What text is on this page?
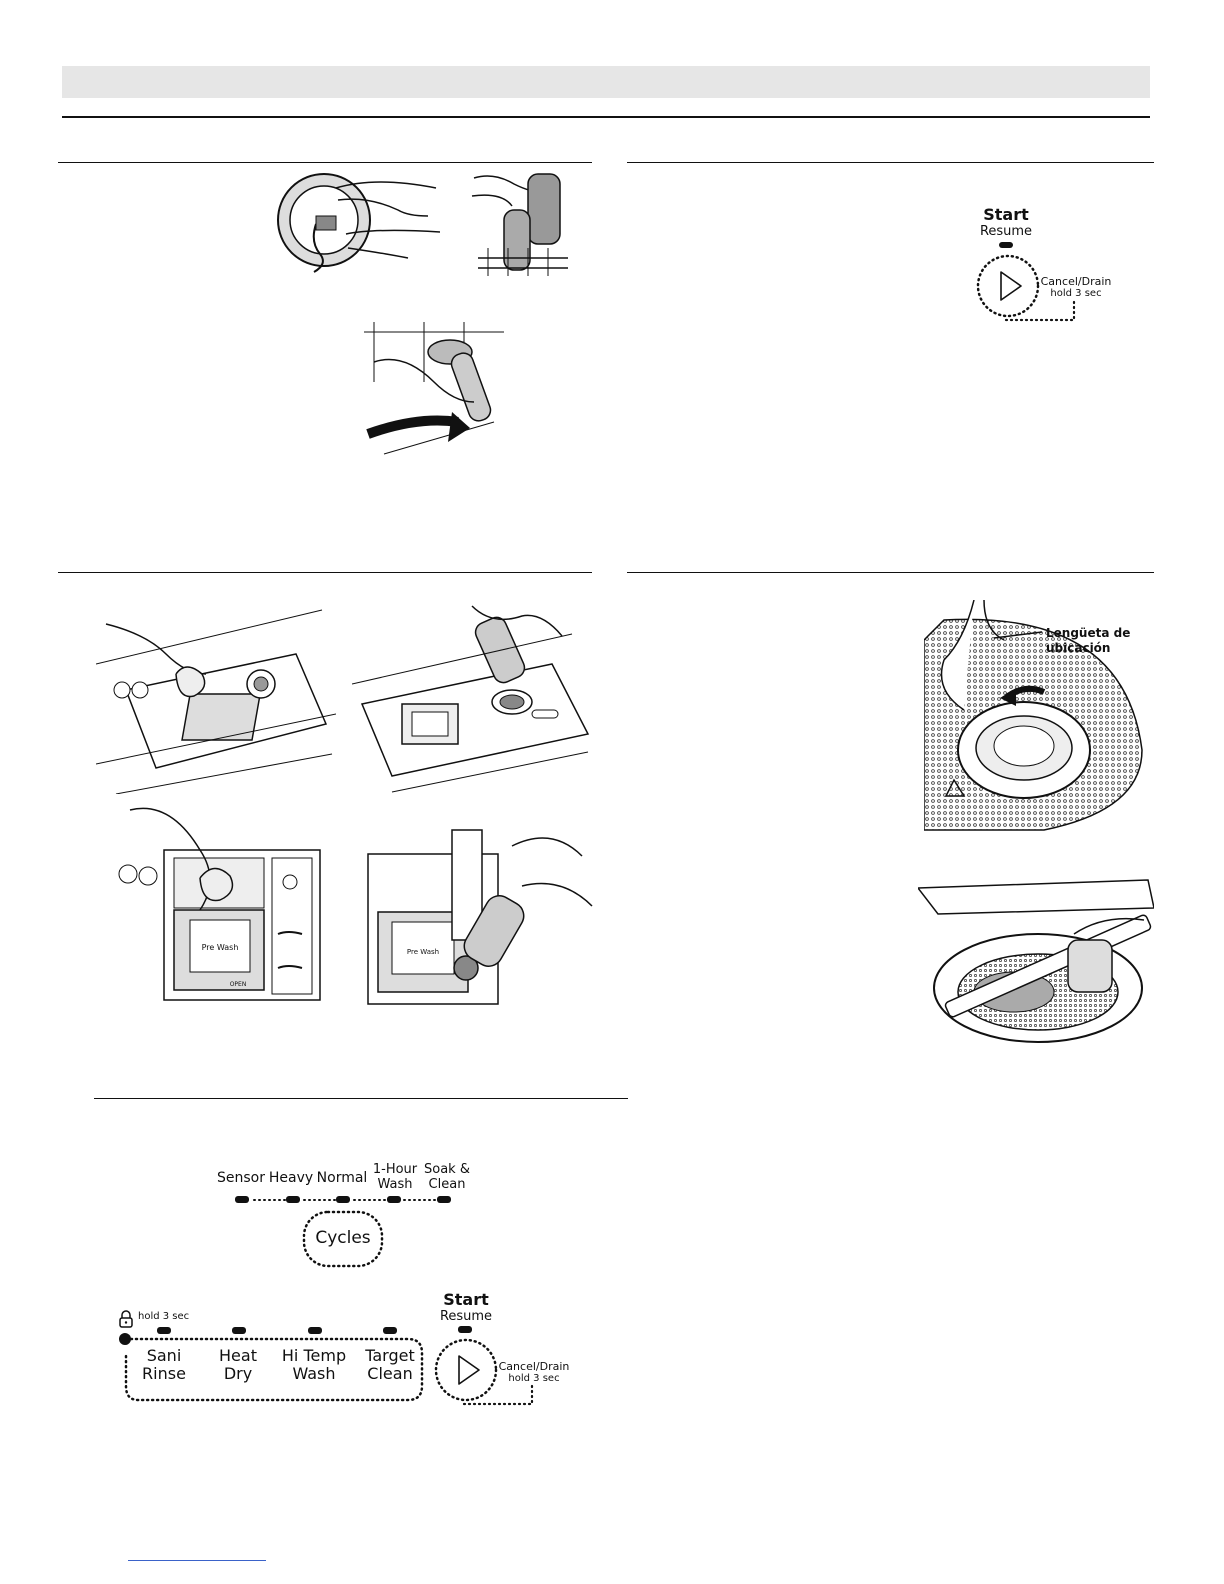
Start
Resume
Cancel/Drain
hold 3 sec
Pre Wash
OPEN
Pre Wash
Lengüeta de
ubicación
Sensor Heavy Normal
1-Hour
Wash
Soak &
Clean
Cycles
hold 3 sec
Sani
Rinse
Heat
Dry
Hi Temp
Wash
Target
Clean
Start
Resume
Cancel/Drain
hold 3 sec
